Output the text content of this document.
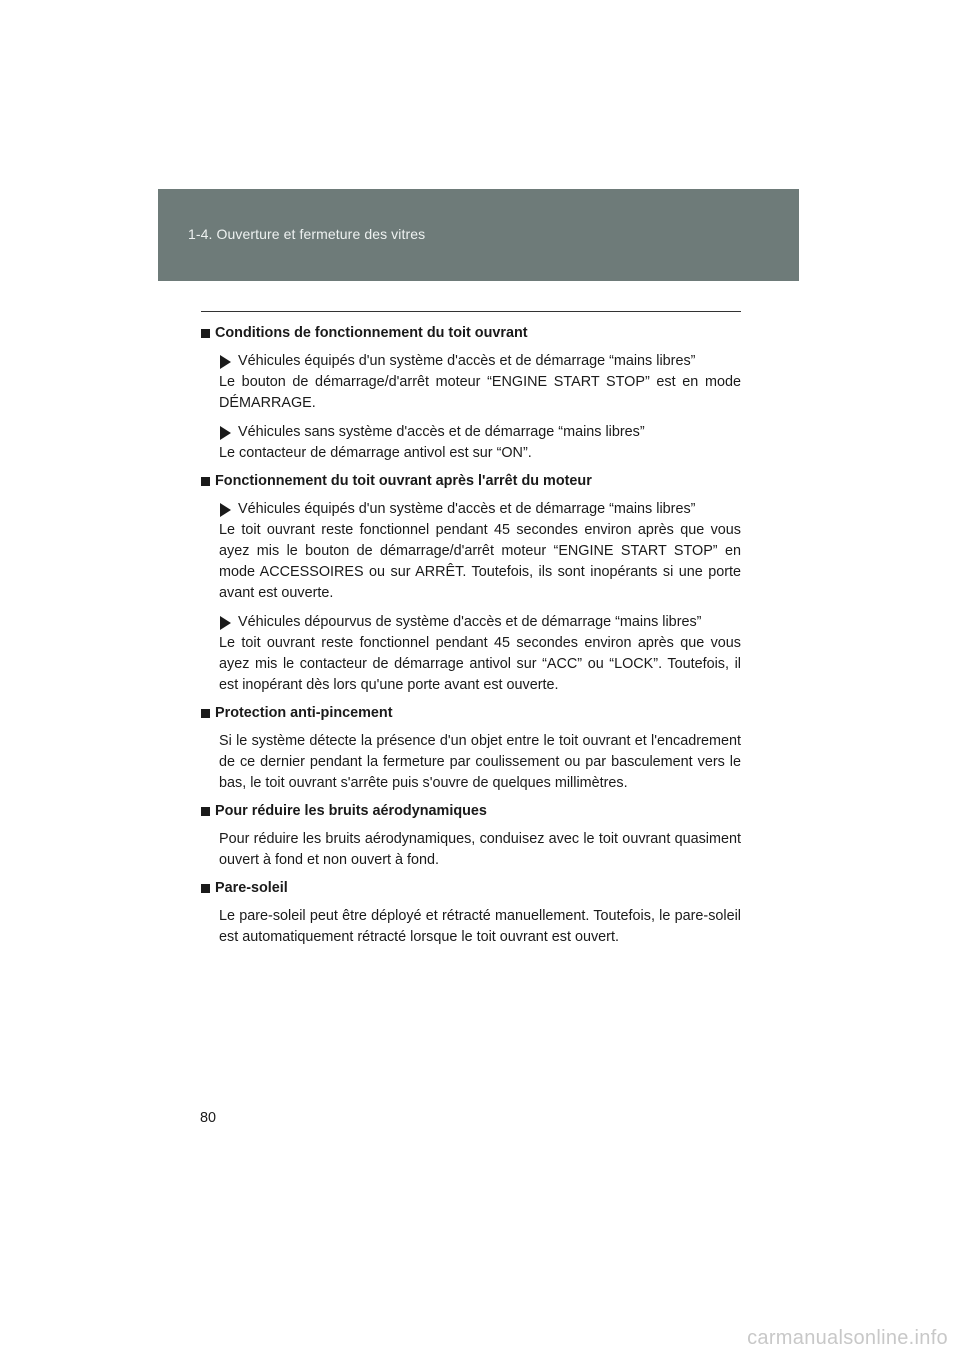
1-4. Ouverture et fermeture des vitres
Conditions de fonctionnement du toit ouvrant

Véhicules équipés d'un système d'accès et de démarrage “mains libres”

Le bouton de démarrage/d'arrêt moteur “ENGINE START STOP” est en mode DÉMARRAGE.

Véhicules sans système d'accès et de démarrage “mains libres”

Le contacteur de démarrage antivol est sur “ON”.

Fonctionnement du toit ouvrant après l'arrêt du moteur

Véhicules équipés d'un système d'accès et de démarrage “mains libres”

Le toit ouvrant reste fonctionnel pendant 45 secondes environ après que vous ayez mis le bouton de démarrage/d'arrêt moteur “ENGINE START STOP” en mode ACCESSOIRES ou sur ARRÊT. Toutefois, ils sont inopérants si une porte avant est ouverte.

Véhicules dépourvus de système d'accès et de démarrage “mains libres”

Le toit ouvrant reste fonctionnel pendant 45 secondes environ après que vous ayez mis le contacteur de démarrage antivol sur “ACC” ou “LOCK”. Toutefois, il est inopérant dès lors qu'une porte avant est ouverte.

Protection anti-pincement

Si le système détecte la présence d'un objet entre le toit ouvrant et l'encadrement de ce dernier pendant la fermeture par coulissement ou par basculement vers le bas, le toit ouvrant s'arrête puis s'ouvre de quelques millimètres.

Pour réduire les bruits aérodynamiques

Pour réduire les bruits aérodynamiques, conduisez avec le toit ouvrant quasiment ouvert à fond et non ouvert à fond.

Pare-soleil

Le pare-soleil peut être déployé et rétracté manuellement. Toutefois, le pare-soleil est automatiquement rétracté lorsque le toit ouvrant est ouvert.

80
carmanualsonline.info
